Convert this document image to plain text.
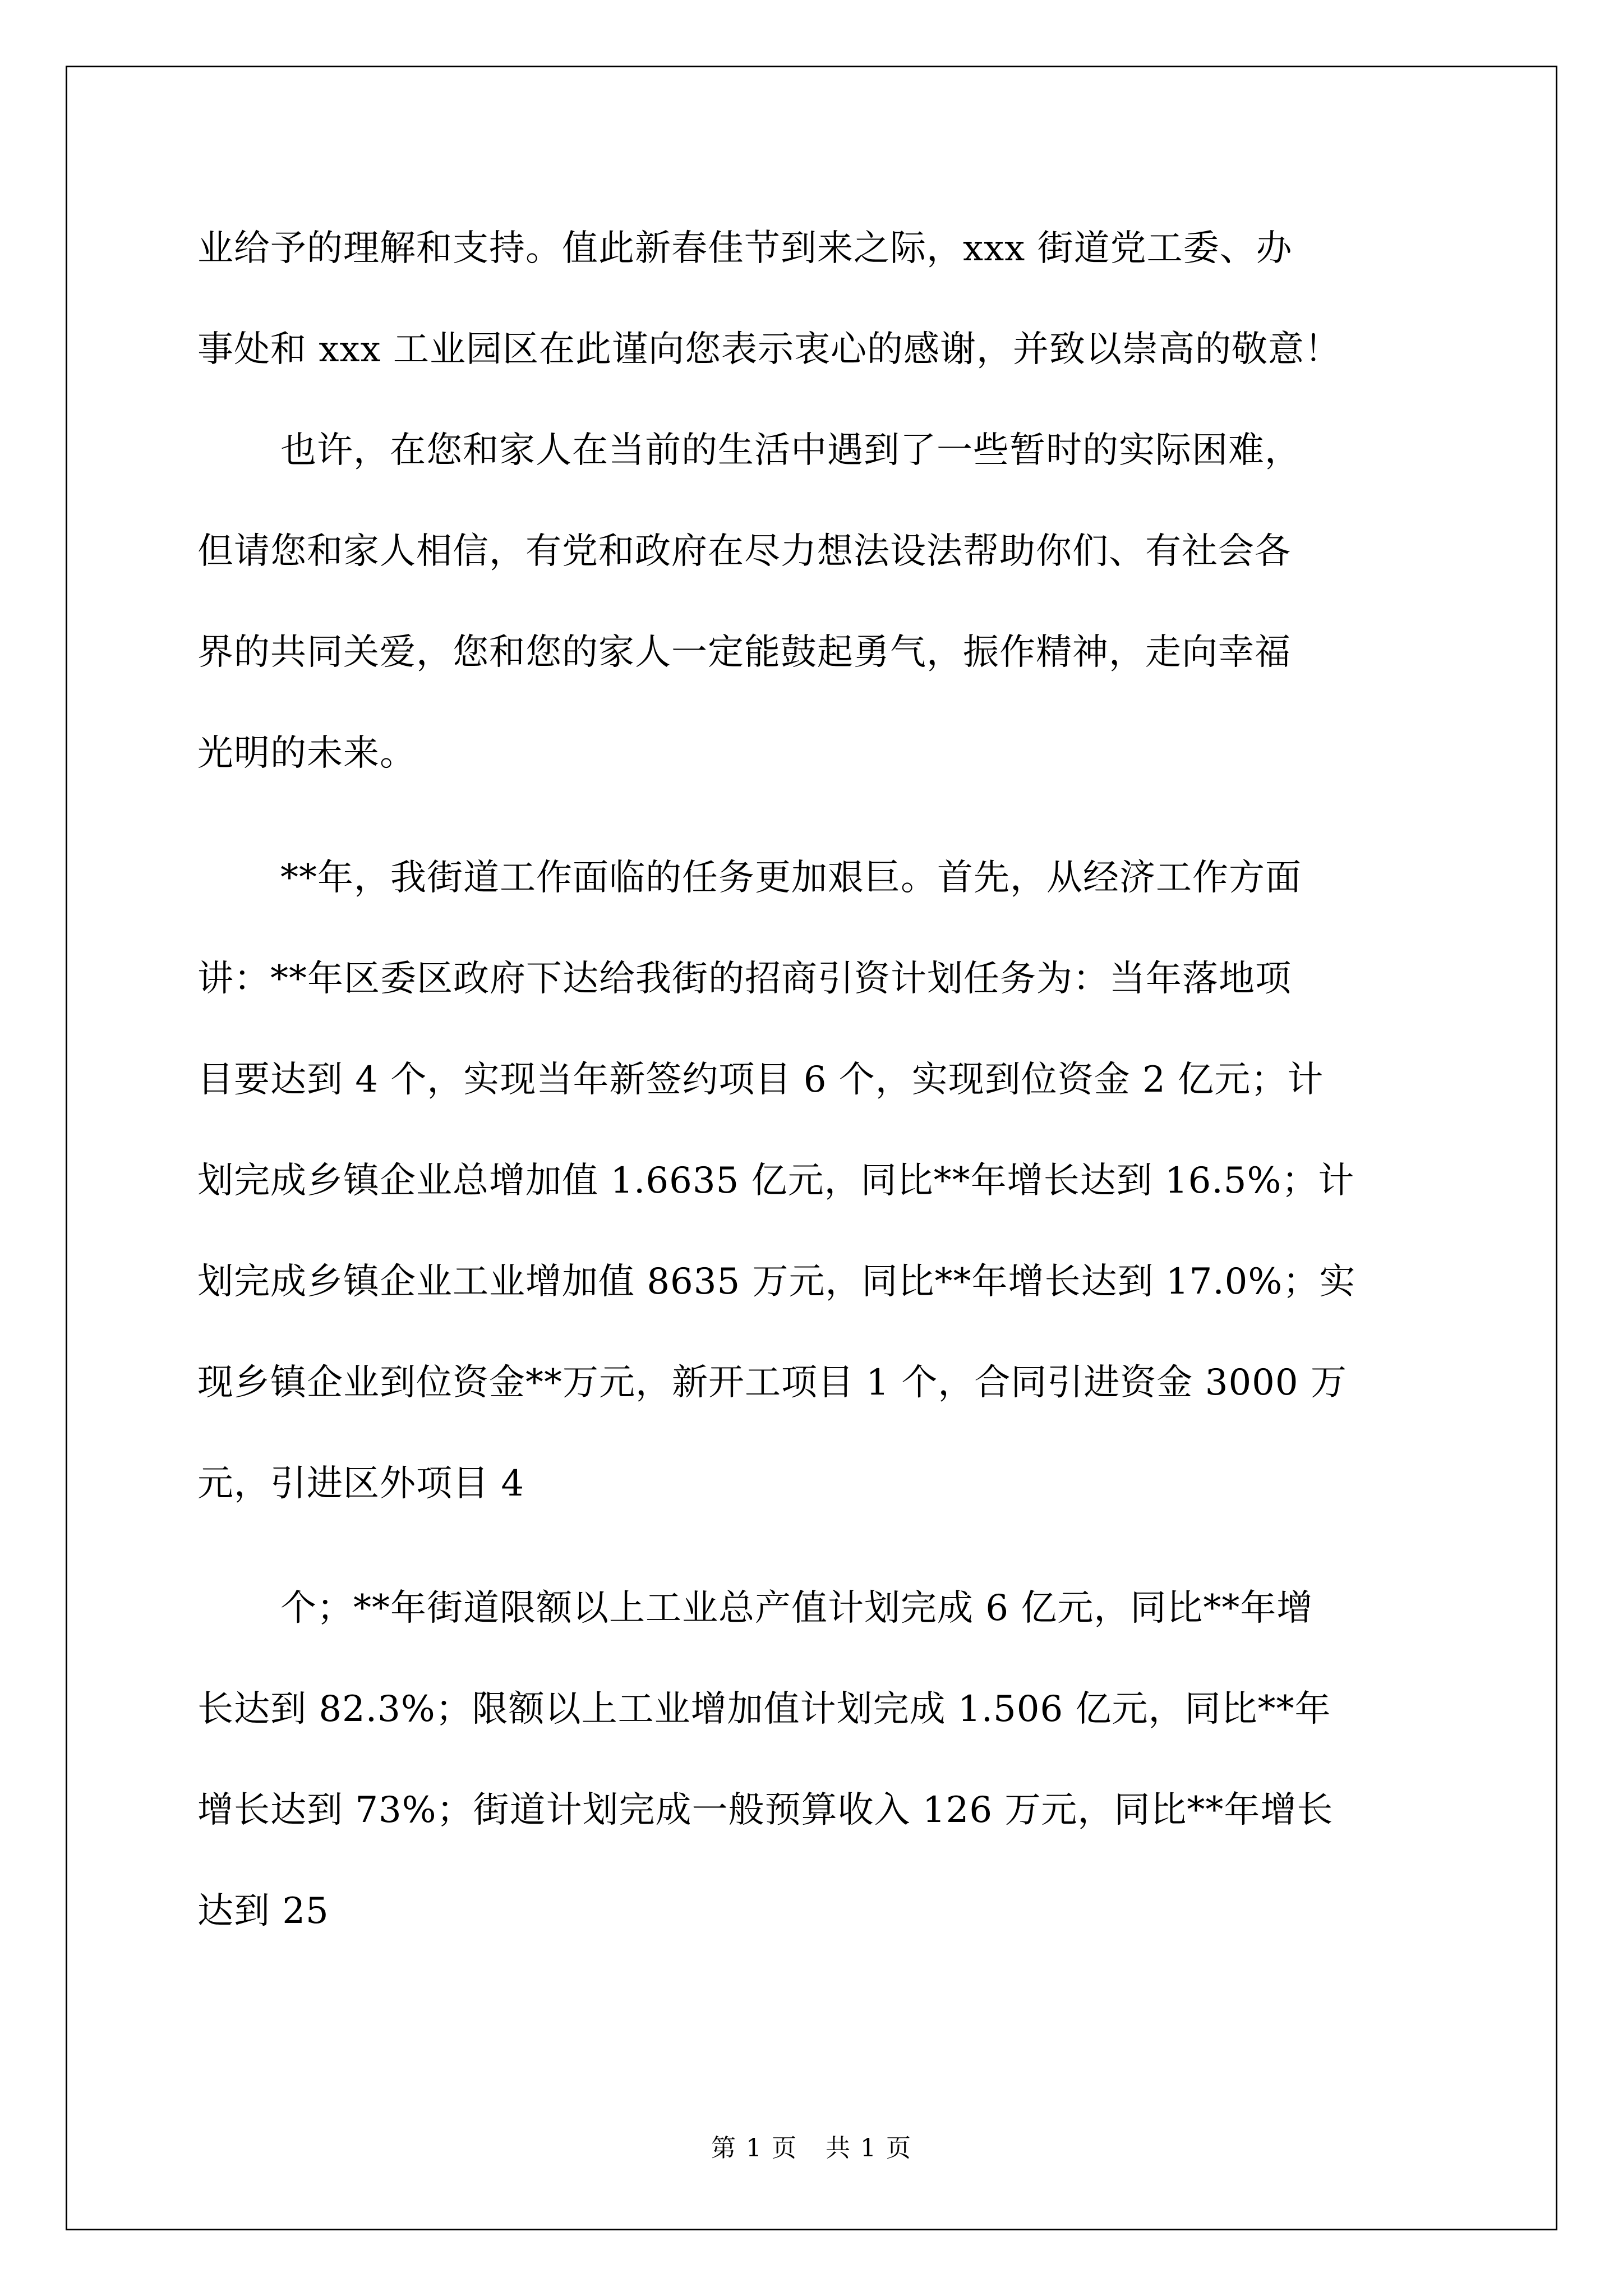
业给予的理解和支持。值此新春佳节到来之际，xxx 街道党工委、办
事处和 xxx 工业园区在此谨向您表示衷心的感谢，并致以崇高的敬意！
也许，在您和家人在当前的生活中遇到了一些暂时的实际困难，
但请您和家人相信，有党和政府在尽力想法设法帮助你们、有社会各
界的共同关爱，您和您的家人一定能鼓起勇气，振作精神，走向幸福
光明的未来。
**年，我街道工作面临的任务更加艰巨。首先，从经济工作方面
讲：**年区委区政府下达给我街的招商引资计划任务为：当年落地项
目要达到 4 个，实现当年新签约项目 6 个，实现到位资金 2 亿元；计
划完成乡镇企业总增加值 1.6635 亿元，同比**年增长达到 16.5%；计
划完成乡镇企业工业增加值 8635 万元，同比**年增长达到 17.0%；实
现乡镇企业到位资金**万元，新开工项目 1 个，合同引进资金 3000 万
元，引进区外项目 4
个；**年街道限额以上工业总产值计划完成 6 亿元，同比**年增
长达到 82.3%；限额以上工业增加值计划完成 1.506 亿元，同比**年
增长达到 73%；街道计划完成一般预算收入 126 万元，同比**年增长
达到 25
第 1 页 共 1 页
